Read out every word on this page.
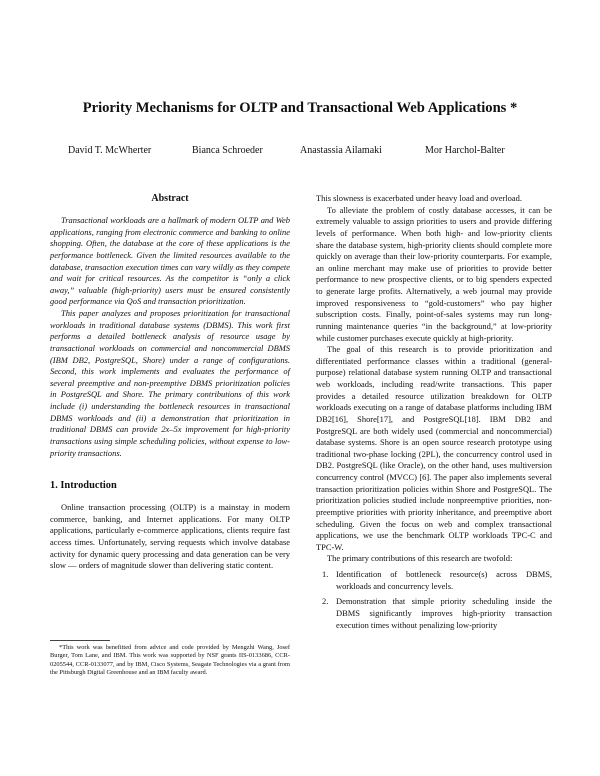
Priority Mechanisms for OLTP and Transactional Web Applications *
David T. McWherter	Bianca Schroeder	Anastassia Ailamaki	Mor Harchol-Balter
Abstract

Transactional workloads are a hallmark of modern OLTP and Web applications, ranging from electronic commerce and banking to online shopping. Often, the database at the core of these applications is the performance bottleneck. Given the limited resources available to the database, transaction execution times can vary wildly as they compete and wait for critical resources. As the competitor is “only a click away,” valuable (high-priority) users must be ensured consistently good performance via QoS and transaction prioritization.

This paper analyzes and proposes prioritization for transactional workloads in traditional database systems (DBMS). This work first performs a detailed bottleneck analysis of resource usage by transactional workloads on commercial and noncommercial DBMS (IBM DB2, PostgreSQL, Shore) under a range of configurations. Second, this work implements and evaluates the performance of several preemptive and non-preemptive DBMS prioritization policies in PostgreSQL and Shore. The primary contributions of this work include (i) understanding the bottleneck resources in transactional DBMS workloads and (ii) a demonstration that prioritization in traditional DBMS can provide 2x–5x improvement for high-priority transactions using simple scheduling policies, without expense to low-priority transactions.

1. Introduction

Online transaction processing (OLTP) is a mainstay in modern commerce, banking, and Internet applications. For many OLTP applications, particularly e-commerce applications, clients require fast access times. Unfortunately, serving requests which involve database activity for dynamic query processing and data generation can be very slow — orders of magnitude slower than delivering static content.

*This work was benefitted from advice and code provided by Mengzhi Wang, Josef Burger, Tom Lane, and IBM. This work was supported by NSF grants IIS-0133686, CCR-0205544, CCR-0133077, and by IBM, Cisco Systems, Seagate Technologies via a grant from the Pittsburgh Digital Greenhouse and an IBM faculty award.

This slowness is exacerbated under heavy load and overload.

To alleviate the problem of costly database accesses, it can be extremely valuable to assign priorities to users and provide differing levels of performance. When both high- and low-priority clients share the database system, high-priority clients should complete more quickly on average than their low-priority counterparts. For example, an online merchant may make use of priorities to provide better performance to new prospective clients, or to big spenders expected to generate large profits. Alternatively, a web journal may provide improved responsiveness to “gold-customers” who pay higher subscription costs. Finally, point-of-sales systems may run long-running maintenance queries “in the background,” at low-priority while customer purchases execute quickly at high-priority.

The goal of this research is to provide prioritization and differentiated performance classes within a traditional (general-purpose) relational database system running OLTP and transactional web workloads, including read/write transactions. This paper provides a detailed resource utilization breakdown for OLTP workloads executing on a range of database platforms including IBM DB2[16], Shore[17], and PostgreSQL[18]. IBM DB2 and PostgreSQL are both widely used (commercial and noncommercial) database systems. Shore is an open source research prototype using traditional two-phase locking (2PL), the concurrency control used in DB2. PostgreSQL (like Oracle), on the other hand, uses multiversion concurrency control (MVCC) [6]. The paper also implements several transaction prioritization policies within Shore and PostgreSQL. The prioritization policies studied include nonpreemptive priorities, non-preemptive priorities with priority inheritance, and preemptive abort scheduling. Given the focus on web and complex transactional applications, we use the benchmark OLTP workloads TPC-C and TPC-W.

The primary contributions of this research are twofold:

1. Identification of bottleneck resource(s) across DBMS, workloads and concurrency levels.
2. Demonstration that simple priority scheduling inside the DBMS significantly improves high-priority transaction execution times without penalizing low-priority
